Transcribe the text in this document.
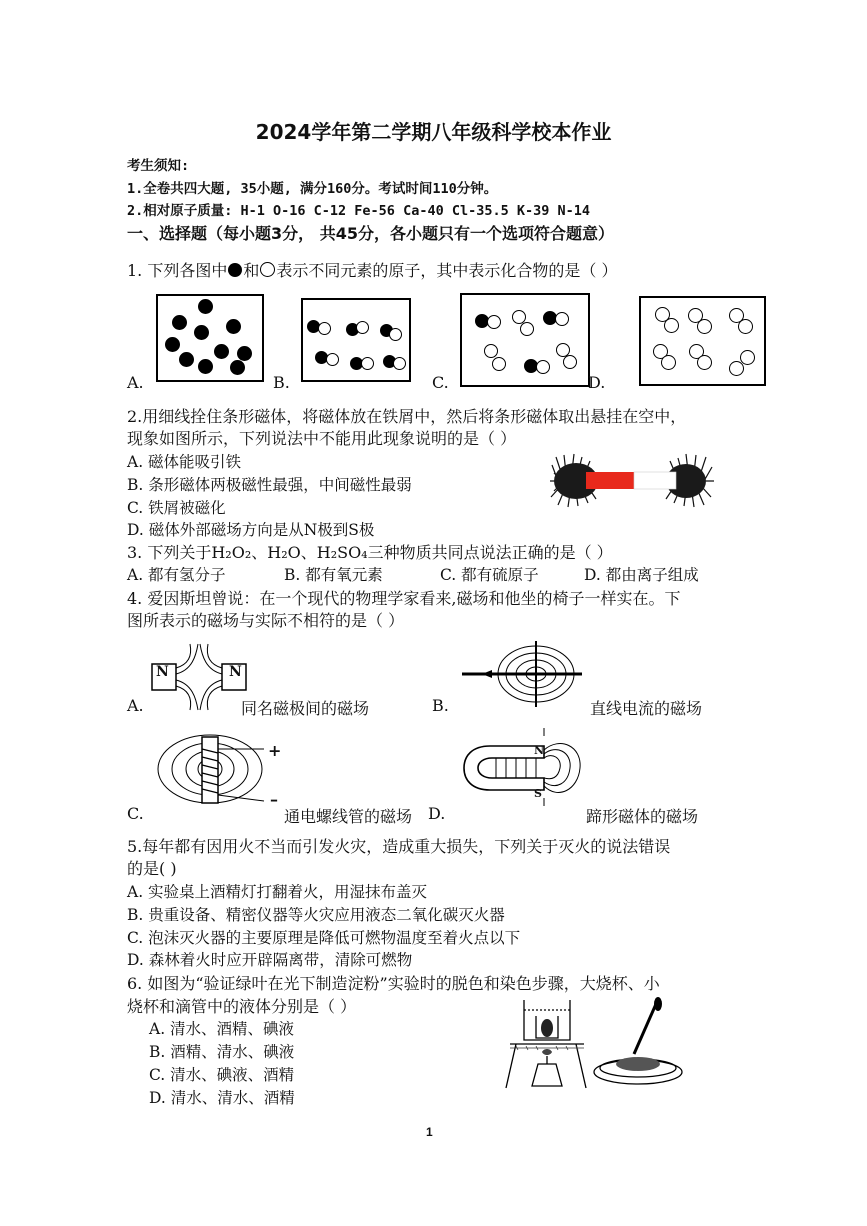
2024学年第二学期八年级科学校本作业
考生须知:
1.全卷共四大题, 35小题, 满分160分。考试时间110分钟。
2.相对原子质量: H-1 O-16 C-12 Fe-56 Ca-40 Cl-35.5 K-39 N-14
一、选择题（每小题3分， 共45分，各小题只有一个选项符合题意）
1. 下列各图中 和 表示不同元素的原子，其中表示化合物的是（ ）
A.	B.	C.	D.
2.用细线拴住条形磁体，将磁体放在铁屑中，然后将条形磁体取出悬挂在空中，
现象如图所示，下列说法中不能用此现象说明的是（ ）
A. 磁体能吸引铁
B. 条形磁体两极磁性最强，中间磁性最弱
C. 铁屑被磁化
D. 磁体外部磁场方向是从N极到S极
3. 下列关于H₂O₂、H₂O、H₂SO₄三种物质共同点说法正确的是（ ）
A. 都有氢分子	B. 都有氧元素	C. 都有硫原子	D. 都由离子组成
4. 爱因斯坦曾说：在一个现代的物理学家看来,磁场和他坐的椅子一样实在。下
图所表示的磁场与实际不相符的是（ ）
N	N
+
–
N
S
A.	同名磁极间的磁场	B.	直线电流的磁场
C.	通电螺线管的磁场 D.	蹄形磁体的磁场
5.每年都有因用火不当而引发火灾，造成重大损失，下列关于灭火的说法错误
的是( )
A. 实验桌上酒精灯打翻着火，用湿抹布盖灭
B. 贵重设备、精密仪器等火灾应用液态二氧化碳灭火器
C. 泡沫灭火器的主要原理是降低可燃物温度至着火点以下
D. 森林着火时应开辟隔离带，清除可燃物
6. 如图为“验证绿叶在光下制造淀粉”实验时的脱色和染色步骤，大烧杯、小
烧杯和滴管中的液体分别是（ ）
A. 清水、酒精、碘液
B. 酒精、清水、碘液
C. 清水、碘液、酒精
D. 清水、清水、酒精
1
